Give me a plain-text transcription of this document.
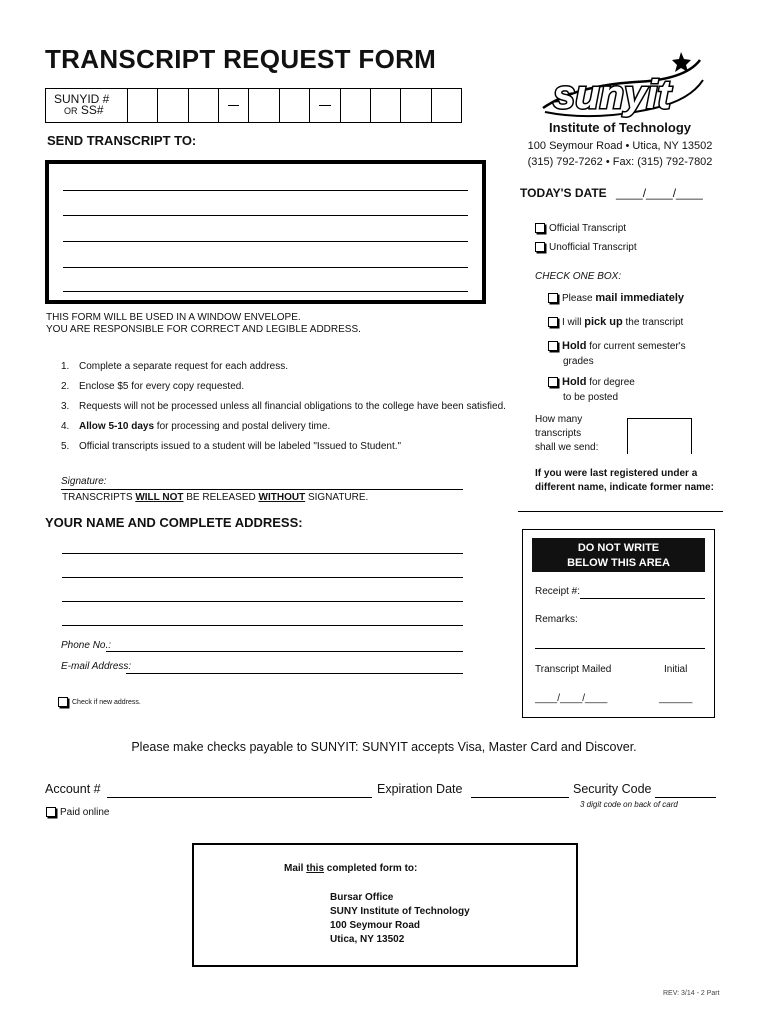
TRANSCRIPT REQUEST FORM
SUNYID #
OR SS#
SEND TRANSCRIPT TO:
THIS FORM WILL BE USED IN A WINDOW ENVELOPE.
YOU ARE RESPONSIBLE FOR CORRECT AND LEGIBLE ADDRESS.
1. Complete a separate request for each address.
2. Enclose $5 for every copy requested.
3. Requests will not be processed unless all financial obligations to the college have been satisfied.
4. Allow 5-10 days for processing and postal delivery time.
5. Official transcripts issued to a student will be labeled "Issued to Student."
Signature:
TRANSCRIPTS WILL NOT BE RELEASED WITHOUT SIGNATURE.
YOUR NAME AND COMPLETE ADDRESS:
Phone No.:
E-mail Address:
Check if new address.
sunyit
Institute of Technology
100 Seymour Road • Utica, NY 13502
(315) 792-7262 • Fax: (315) 792-7802
TODAY'S DATE ____/____/____
Official Transcript
Unofficial Transcript
CHECK ONE BOX:
Please mail immediately
I will pick up the transcript
Hold for current semester's
grades
Hold for degree
to be posted
How many
transcripts
shall we send:
If you were last registered under a
different name, indicate former name:
DO NOT WRITE
BELOW THIS AREA
Receipt #:
Remarks:
Transcript Mailed	Initial
____/____/____	______
Please make checks payable to SUNYIT: SUNYIT accepts Visa, Master Card and Discover.
Account #	Expiration Date	Security Code
3 digit code on back of card
Paid online
Mail this completed form to:
Bursar Office
SUNY Institute of Technology
100 Seymour Road
Utica, NY 13502
REV: 3/14 - 2 Part
